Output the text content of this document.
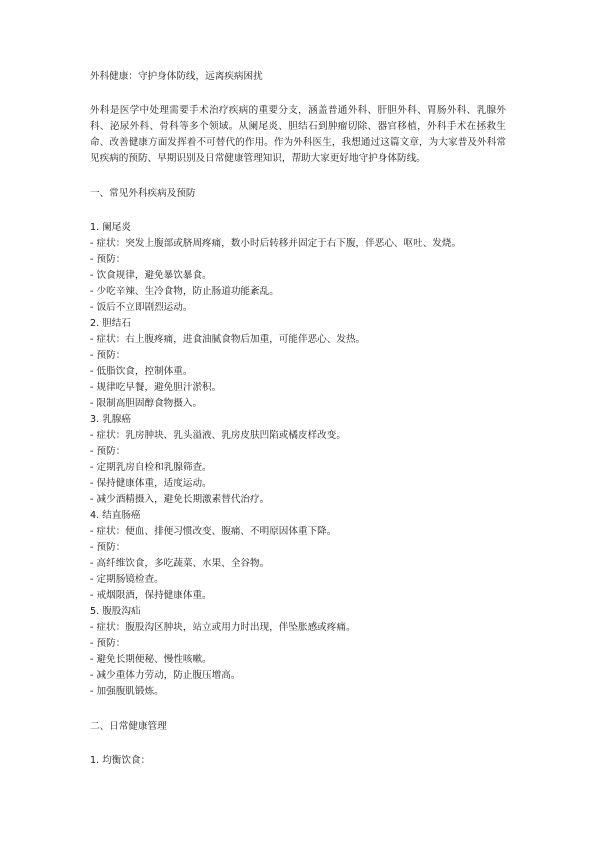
外科健康：守护身体防线，远离疾病困扰

外科是医学中处理需要手术治疗疾病的重要分支，涵盖普通外科、肝胆外科、胃肠外科、乳腺外科、泌尿外科、骨科等多个领域。从阑尾炎、胆结石到肿瘤切除、器官移植，外科手术在拯救生命、改善健康方面发挥着不可替代的作用。作为外科医生，我想通过这篇文章，为大家普及外科常见疾病的预防、早期识别及日常健康管理知识，帮助大家更好地守护身体防线。

一、常见外科疾病及预防
1. 阑尾炎
- 症状：突发上腹部或脐周疼痛，数小时后转移并固定于右下腹，伴恶心、呕吐、发烧。
- 预防：
- 饮食规律，避免暴饮暴食。
- 少吃辛辣、生冷食物，防止肠道功能紊乱。
- 饭后不立即剧烈运动。
2. 胆结石
- 症状：右上腹疼痛，进食油腻食物后加重，可能伴恶心、发热。
- 预防：
- 低脂饮食，控制体重。
- 规律吃早餐，避免胆汁淤积。
- 限制高胆固醇食物摄入。
3. 乳腺癌
- 症状：乳房肿块、乳头溢液、乳房皮肤凹陷或橘皮样改变。
- 预防：
- 定期乳房自检和乳腺筛查。
- 保持健康体重，适度运动。
- 减少酒精摄入，避免长期激素替代治疗。
4. 结直肠癌
- 症状：便血、排便习惯改变、腹痛、不明原因体重下降。
- 预防：
- 高纤维饮食，多吃蔬菜、水果、全谷物。
- 定期肠镜检查。
- 戒烟限酒，保持健康体重。
5. 腹股沟疝
- 症状：腹股沟区肿块，站立或用力时出现，伴坠胀感或疼痛。
- 预防：
- 避免长期便秘、慢性咳嗽。
- 减少重体力劳动，防止腹压增高。
- 加强腹肌锻炼。
二、日常健康管理
1. 均衡饮食：
